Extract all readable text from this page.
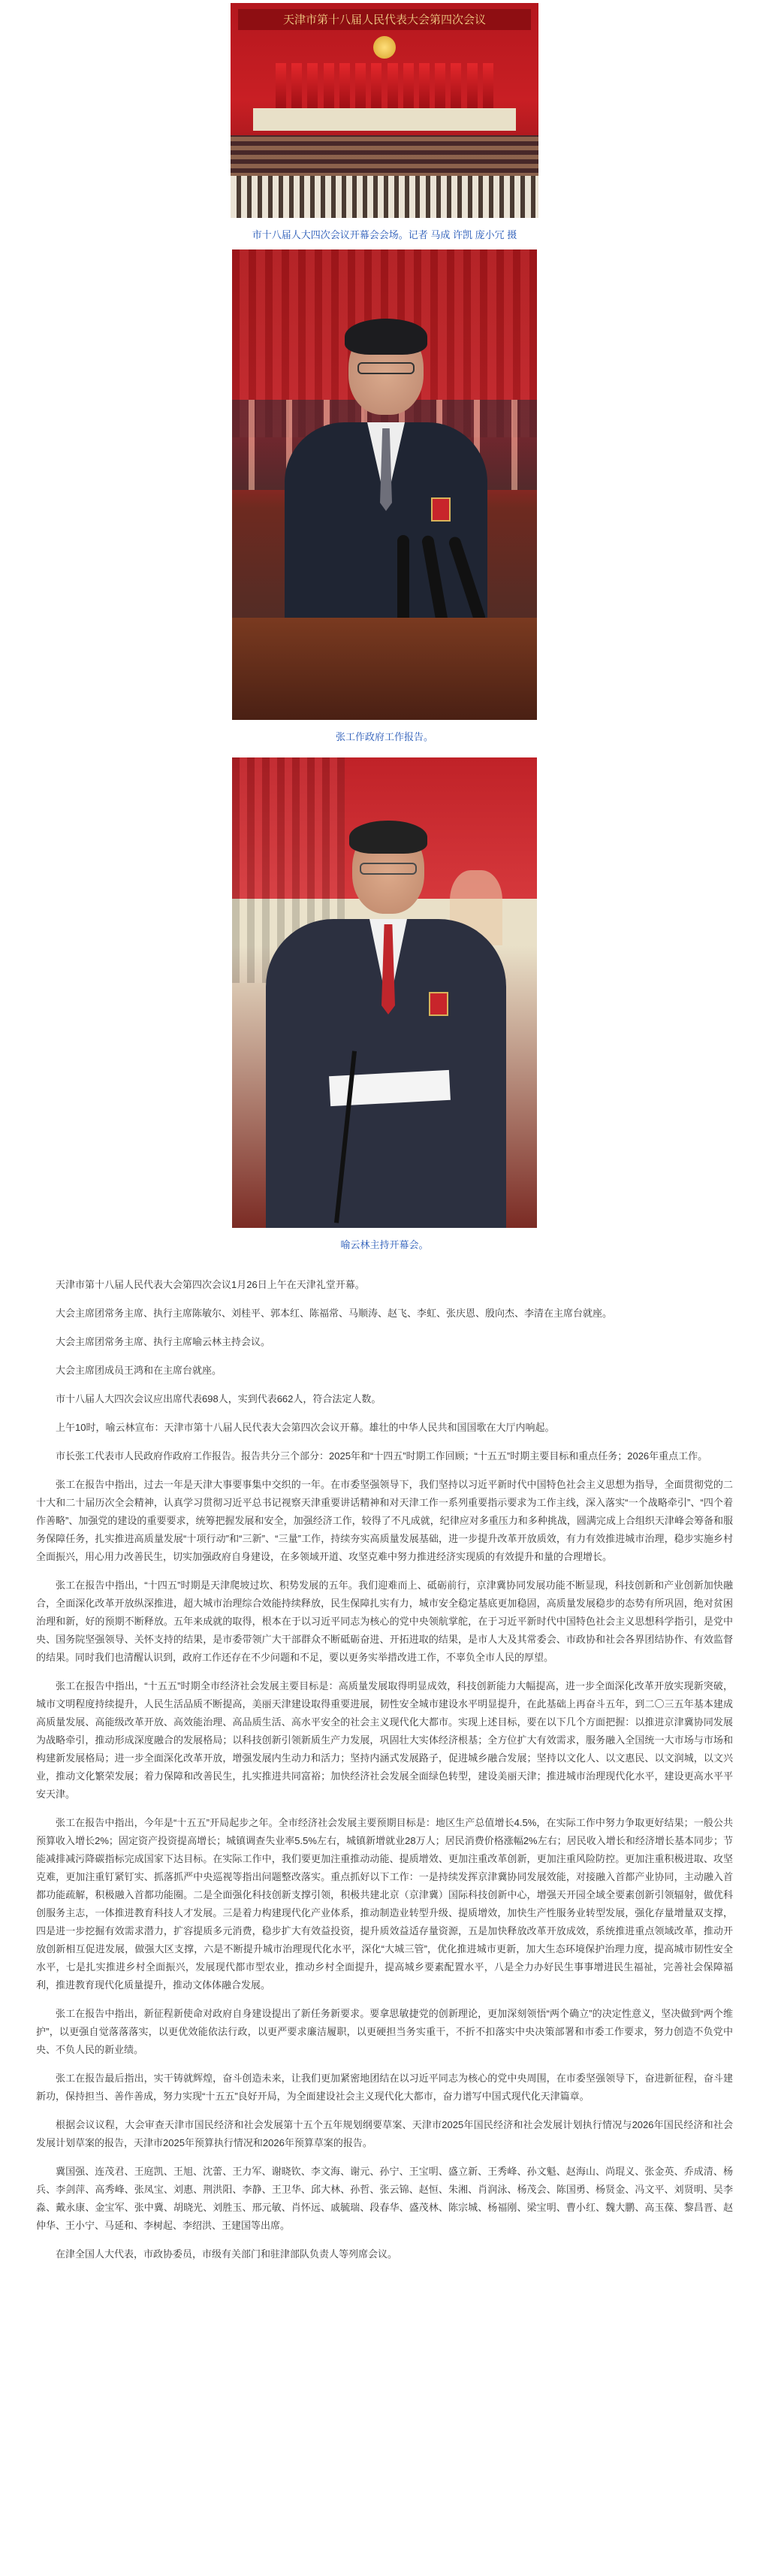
天津市第十八届人民代表大会第四次会议
市十八届人大四次会议开幕会会场。记者 马成 许凯 庞小冗 摄
张工作政府工作报告。
喻云林主持开幕会。

天津市第十八届人民代表大会第四次会议1月26日上午在天津礼堂开幕。

大会主席团常务主席、执行主席陈敏尔、刘桂平、郭本红、陈福常、马顺涛、赵飞、李虹、张庆恩、殷向杰、李清在主席台就座。

大会主席团常务主席、执行主席喻云林主持会议。

大会主席团成员王鸿和在主席台就座。

市十八届人大四次会议应出席代表698人，实到代表662人，符合法定人数。

上午10时，喻云林宣布：天津市第十八届人民代表大会第四次会议开幕。雄壮的中华人民共和国国歌在大厅内响起。

市长张工代表市人民政府作政府工作报告。报告共分三个部分：2025年和“十四五”时期工作回顾；“十五五”时期主要目标和重点任务；2026年重点工作。

张工在报告中指出，过去一年是天津大事要事集中交织的一年。在市委坚强领导下，我们坚持以习近平新时代中国特色社会主义思想为指导，全面贯彻党的二十大和二十届历次全会精神，认真学习贯彻习近平总书记视察天津重要讲话精神和对天津工作一系列重要指示要求为工作主线，深入落实“一个战略牵引”、“四个着作善略”、加强党的建设的重要要求，统筹把握发展和安全，加强经济工作，较得了不凡成就，纪律应对多重压力和多种挑战，圆满完成上合组织天津峰会筹备和服务保障任务，扎实推进高质量发展“十项行动”和“三新”、“三量”工作，持续夯实高质量发展基础，进一步提升改革开放质效，有力有效推进城市治理，稳步实施乡村全面振兴，用心用力改善民生，切实加强政府自身建设，在多领域开道、攻坚克难中努力推进经济实现质的有效提升和量的合理增长。

张工在报告中指出，“十四五”时期是天津爬坡过坎、积势发展的五年。我们迎难而上、砥砺前行，京津冀协同发展功能不断显现，科技创新和产业创新加快融合，全面深化改革开放纵深推进，超大城市治理综合效能持续释放，民生保障扎实有力，城市安全稳定基底更加稳固，高质量发展稳步的态势有所巩固，绝对贫困治理和新，好的预期不断释放。五年来成就的取得，根本在于以习近平同志为核心的党中央领航掌舵，在于习近平新时代中国特色社会主义思想科学指引，是党中央、国务院坚强领导、关怀支持的结果，是市委带领广大干部群众不断砥砺奋进、开拓进取的结果，是市人大及其常委会、市政协和社会各界团结协作、有效监督的结果。同时我们也清醒认识到，政府工作还存在不少问题和不足，要以更务实举措改进工作，不辜负全市人民的厚望。

张工在报告中指出，“十五五”时期全市经济社会发展主要目标是：高质量发展取得明显成效，科技创新能力大幅提高，进一步全面深化改革开放实现新突破，城市文明程度持续提升，人民生活品质不断提高，美丽天津建设取得重要进展，韧性安全城市建设水平明显提升，在此基础上再奋斗五年，到二〇三五年基本建成高质量发展、高能级改革开放、高效能治理、高品质生活、高水平安全的社会主义现代化大都市。实现上述目标，要在以下几个方面把握：以推进京津冀协同发展为战略牵引，推动形成深度融合的发展格局；以科技创新引领新质生产力发展，巩固壮大实体经济根基；全方位扩大有效需求，服务融入全国统一大市场与市场和构建新发展格局；进一步全面深化改革开放，增强发展内生动力和活力；坚持内涵式发展路子，促进城乡融合发展；坚持以文化人、以文惠民、以文润城，以文兴业，推动文化繁荣发展；着力保障和改善民生，扎实推进共同富裕；加快经济社会发展全面绿色转型，建设美丽天津；推进城市治理现代化水平，建设更高水平平安天津。

张工在报告中指出，今年是“十五五”开局起步之年。全市经济社会发展主要预期目标是：地区生产总值增长4.5%，在实际工作中努力争取更好结果；一般公共预算收入增长2%；固定资产投资提高增长；城镇调查失业率5.5%左右，城镇新增就业28万人；居民消费价格涨幅2%左右；居民收入增长和经济增长基本同步；节能减排减污降碳指标完成国家下达目标。在实际工作中，我们要更加注重推动动能、提质增效、更加注重改革创新，更加注重风险防控。更加注重积极进取、攻坚克难，更加注重钉紧钉实、抓落抓严中央巡视等指出问题整改落实。重点抓好以下工作：一是持续发挥京津冀协同发展效能，对接融入首都产业协同，主动融入首都功能疏解，积极融入首都功能圈。二是全面强化科技创新支撑引领，积极共建北京（京津冀）国际科技创新中心，增强天开园全域全要素创新引领辐射，做优科创服务主志，一体推进教育科技人才发展。三是着力构建现代化产业体系，推动制造业转型升级、提质增效，加快生产性服务业转型发展，强化存量增量双支撑，四是进一步挖掘有效需求潜力，扩容提质多元消费，稳步扩大有效益投资，提升质效益适存量资源，五是加快释放改革开放成效，系统推进重点领域改革，推动开放创新相互促进发展，做强大区支撑，六是不断提升城市治理现代化水平，深化“大城三管”，优化推进城市更新，加大生态环境保护治理力度，提高城市韧性安全水平，七是扎实推进乡村全面振兴，发展现代都市型农业，推动乡村全面提升，提高城乡要素配置水平，八是全力办好民生事事增进民生福祉，完善社会保障福利，推进教育现代化质量提升，推动文体体融合发展。

张工在报告中指出，新征程新使命对政府自身建设提出了新任务新要求。要拿思敏捷党的创新理论，更加深刻领悟“两个确立”的决定性意义，坚决做到“两个维护”，以更强自觉落落落实，以更优效能依法行政，以更严要求廉洁履职，以更硬担当务实重干，不折不扣落实中央决策部署和市委工作要求，努力创造不负党中央、不负人民的新业绩。

张工在报告最后指出，实干铸就辉煌，奋斗创造未来，让我们更加紧密地团结在以习近平同志为核心的党中央周围，在市委坚强领导下，奋进新征程，奋斗建新功，保持担当、善作善成，努力实现“十五五”良好开局，为全面建设社会主义现代化大都市，奋力谱写中国式现代化天津篇章。

根据会议议程，大会审查天津市国民经济和社会发展第十五个五年规划纲要草案、天津市2025年国民经济和社会发展计划执行情况与2026年国民经济和社会发展计划草案的报告，天津市2025年预算执行情况和2026年预算草案的报告。

冀国强、连茂君、王庭凯、王旭、沈蕾、王力军、谢晓钦、李文海、谢元、孙宁、王宝明、盛立新、王秀峰、孙文魁、赵海山、尚琨义、张金英、乔成清、杨兵、李剑萍、高秀峰、张凤宝、刘惠、荆洪阳、李静、王卫华、邱大林、孙哲、张云锦、赵恒、朱湘、肖润泳、杨茂会、陈国勇、杨贤金、冯文平、刘贤明、吴李淼、戴永康、金宝军、张中冀、胡晓光、刘胜玉、邢元敏、肖怀远、戚毓瑞、段春华、盛茂林、陈宗城、杨福刚、梁宝明、曹小红、魏大鹏、高玉葆、黎昌晋、赵仲华、王小宁、马延和、李树起、李绍洪、王建国等出席。

在津全国人大代表，市政协委员，市级有关部门和驻津部队负责人等列席会议。
